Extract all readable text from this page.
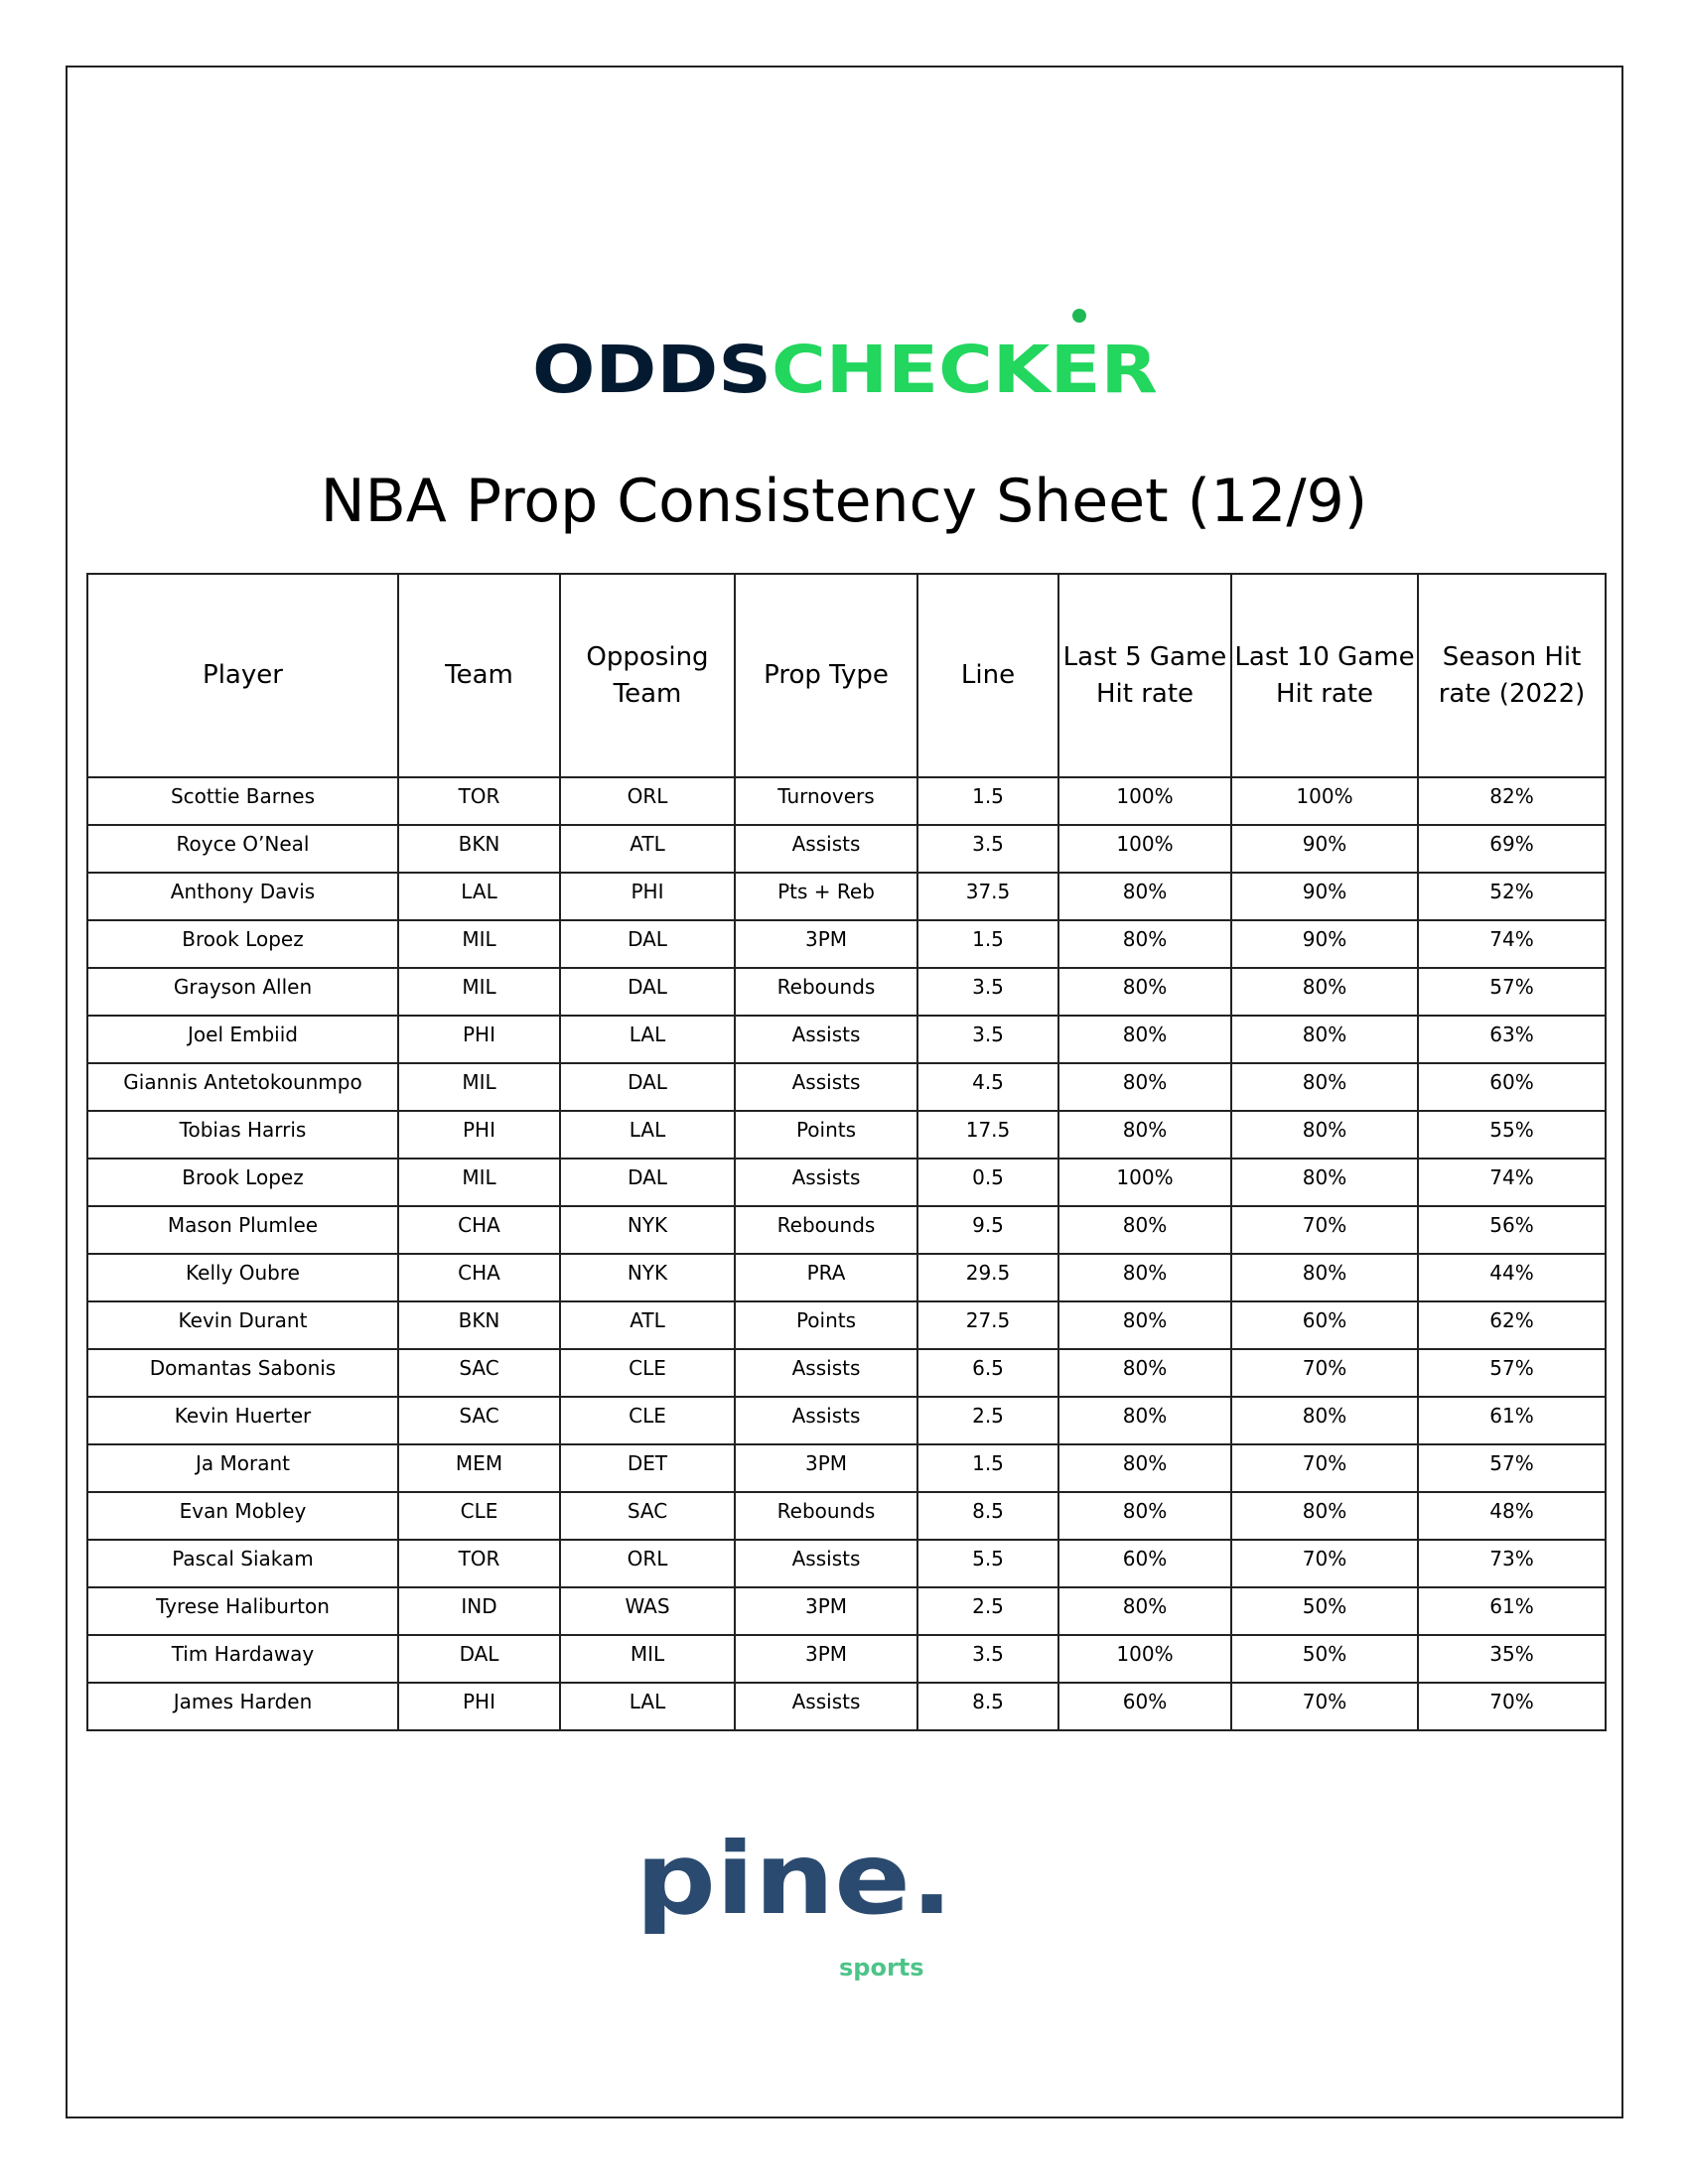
ODDS CHECKER
NBA Prop Consistency Sheet (12/9)
Player	Team	Opposing Team	Prop Type	Line	Last 5 Game Hit rate	Last 10 Game Hit rate	Season Hit rate (2022)
Scottie Barnes	TOR	ORL	Turnovers	1.5	100%	100%	82%
Royce O’Neal	BKN	ATL	Assists	3.5	100%	90%	69%
Anthony Davis	LAL	PHI	Pts + Reb	37.5	80%	90%	52%
Brook Lopez	MIL	DAL	3PM	1.5	80%	90%	74%
Grayson Allen	MIL	DAL	Rebounds	3.5	80%	80%	57%
Joel Embiid	PHI	LAL	Assists	3.5	80%	80%	63%
Giannis Antetokounmpo	MIL	DAL	Assists	4.5	80%	80%	60%
Tobias Harris	PHI	LAL	Points	17.5	80%	80%	55%
Brook Lopez	MIL	DAL	Assists	0.5	100%	80%	74%
Mason Plumlee	CHA	NYK	Rebounds	9.5	80%	70%	56%
Kelly Oubre	CHA	NYK	PRA	29.5	80%	80%	44%
Kevin Durant	BKN	ATL	Points	27.5	80%	60%	62%
Domantas Sabonis	SAC	CLE	Assists	6.5	80%	70%	57%
Kevin Huerter	SAC	CLE	Assists	2.5	80%	80%	61%
Ja Morant	MEM	DET	3PM	1.5	80%	70%	57%
Evan Mobley	CLE	SAC	Rebounds	8.5	80%	80%	48%
Pascal Siakam	TOR	ORL	Assists	5.5	60%	70%	73%
Tyrese Haliburton	IND	WAS	3PM	2.5	80%	50%	61%
Tim Hardaway	DAL	MIL	3PM	3.5	100%	50%	35%
James Harden	PHI	LAL	Assists	8.5	60%	70%	70%
pine.
sports
